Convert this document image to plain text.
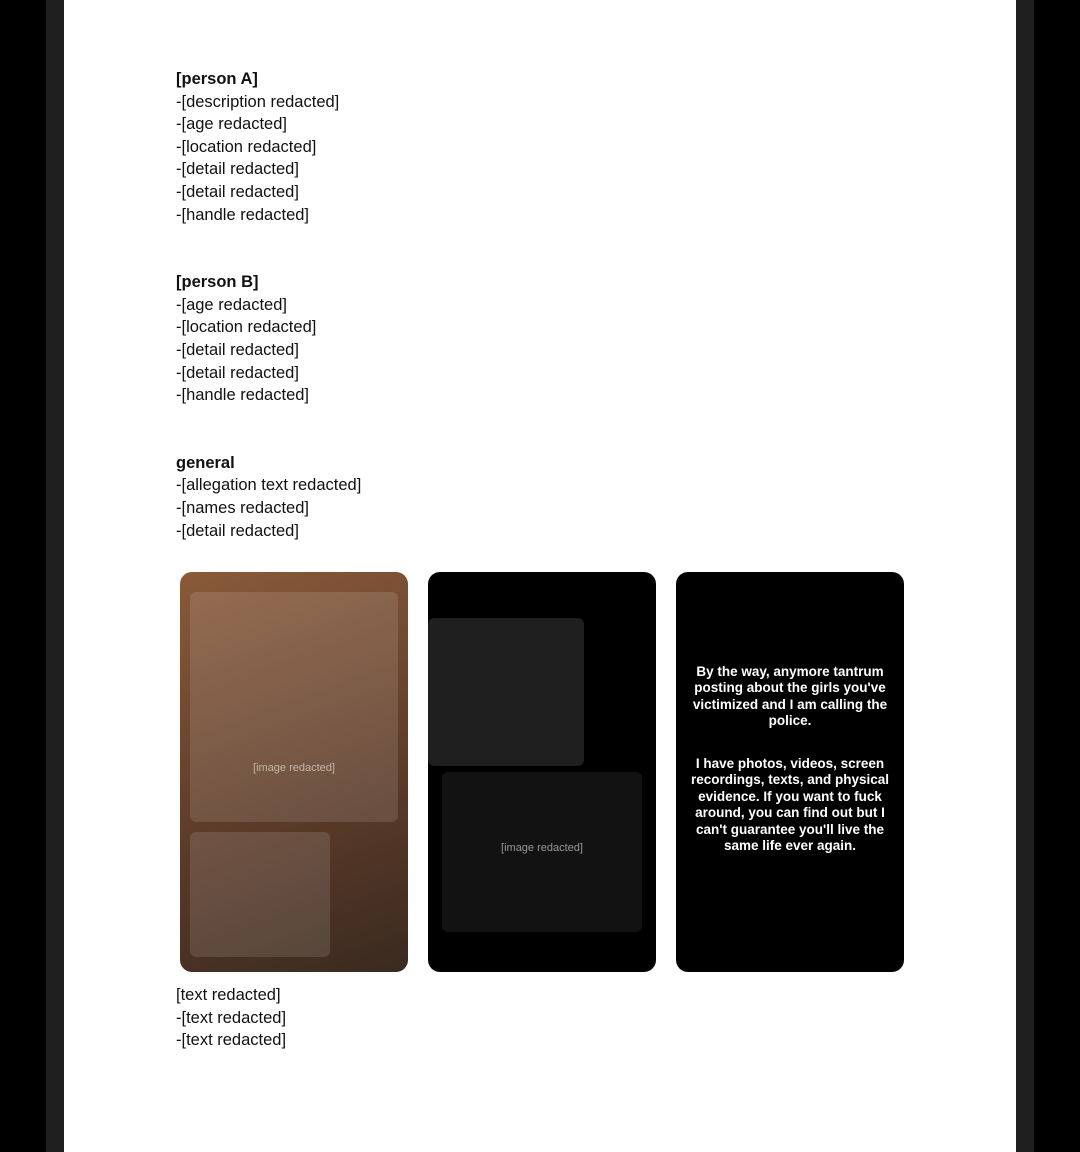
[person A]
-[description redacted]
-[age redacted]
-[location redacted]
-[detail redacted]
-[detail redacted]
-[handle redacted]
[person B]
-[age redacted]
-[location redacted]
-[detail redacted]
-[detail redacted]
-[handle redacted]
general
-[allegation text redacted]
-[names redacted]
-[detail redacted]
[image redacted]
[image redacted]
By the way, anymore tantrum posting about the girls you've victimized and I am calling the police.
I have photos, videos, screen recordings, texts, and physical evidence. If you want to fuck around, you can find out but I can't guarantee you'll live the same life ever again.
[text redacted]
-[text redacted]
-[text redacted]
